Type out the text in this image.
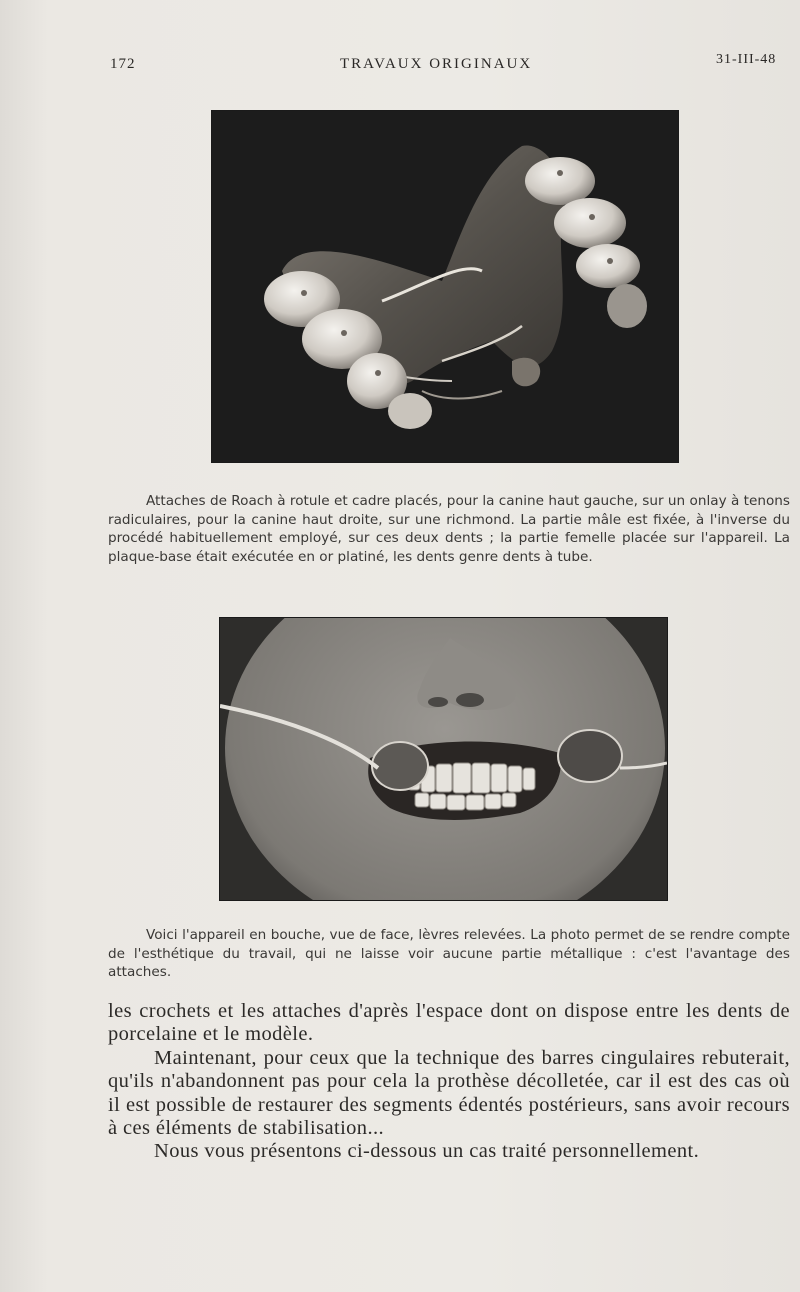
172	TRAVAUX ORIGINAUX	31-III-48

Attaches de Roach à rotule et cadre placés, pour la canine haut gauche, sur un onlay à tenons radiculaires, pour la canine haut droite, sur une richmond. La partie mâle est fixée, à l'inverse du procédé habituellement employé, sur ces deux dents ; la partie femelle placée sur l'appareil. La plaque-base était exécutée en or platiné, les dents genre dents à tube.

Voici l'appareil en bouche, vue de face, lèvres relevées. La photo permet de se rendre compte de l'esthétique du travail, qui ne laisse voir aucune partie métallique : c'est l'avantage des attaches.

les crochets et les attaches d'après l'espace dont on dispose entre les dents de porcelaine et le modèle.

Maintenant, pour ceux que la technique des barres cingulaires rebuterait, qu'ils n'abandonnent pas pour cela la prothèse décolletée, car il est des cas où il est possible de restaurer des segments édentés postérieurs, sans avoir recours à ces éléments de stabilisation...

Nous vous présentons ci-dessous un cas traité personnellement.
